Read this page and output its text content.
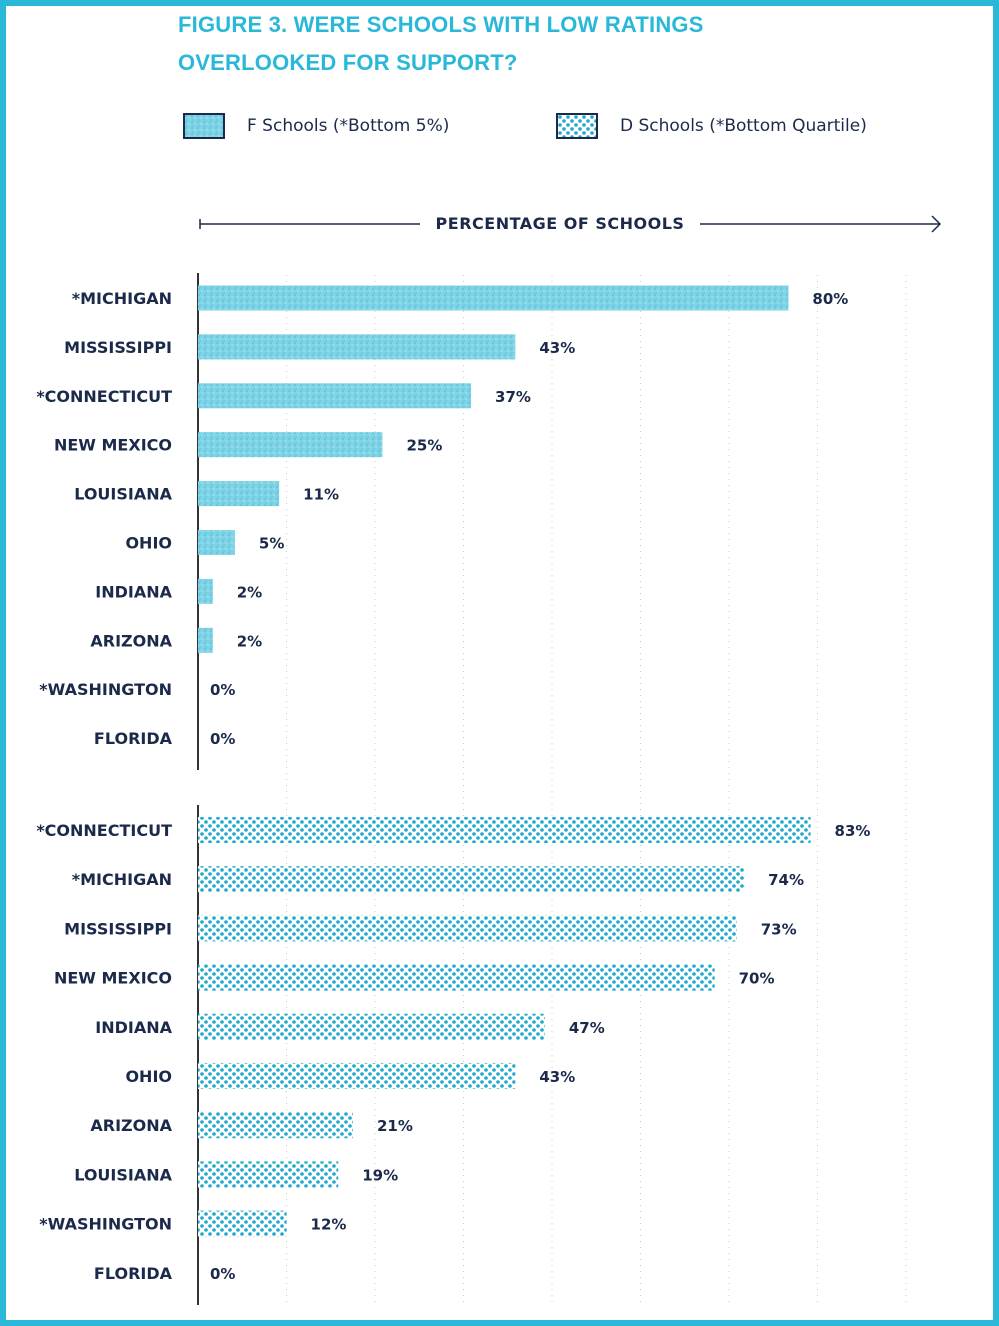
FIGURE 3. WERE SCHOOLS WITH LOW RATINGS
OVERLOOKED FOR SUPPORT?
F Schools (*Bottom 5%)	D Schools (*Bottom Quartile)
*MICHIGAN	80%
MISSISSIPPI	43%
*CONNECTICUT	37%
NEW MEXICO	25%
LOUISIANA	11%
OHIO	5%
INDIANA	2%
ARIZONA	2%
*WASHINGTON	0%
FLORIDA	0%
*CONNECTICUT	83%
*MICHIGAN	74%
MISSISSIPPI	73%
NEW MEXICO	70%
INDIANA	47%
OHIO	43%
ARIZONA	21%
LOUISIANA	19%
*WASHINGTON	12%
FLORIDA	0%
PERCENTAGE OF SCHOOLS
